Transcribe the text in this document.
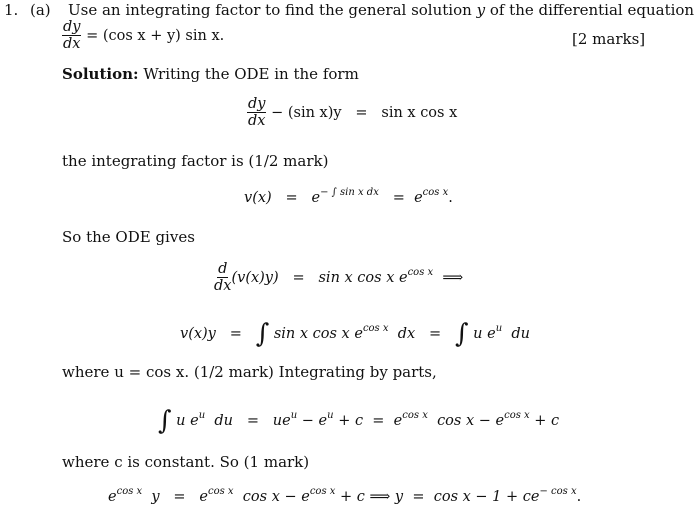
1. (a) Use an integrating factor to find the general solution y of the differential equation
$\frac{dy}{dx} = (\cos$ x + y) sin x.	[2 marks]
Solution: Writing the ODE in the form
$\frac{dy}{dx} - (\sin$ x)y = sin x cos x
the integrating factor is (1/2 mark)
$v(x) = e^{- \int sin x dx} = e^{cos x}$.
So the ODE gives
$\frac{d}{dx} (v(x)y) = \sin x$ cos x $e^{cos x}$ ⟹
v(x)y = ∫ sin x cos x $e^{cos x}$ dx = ∫ u $e^u$ du
where u = cos x. (1/2 mark) Integrating by parts,
∫ u $e^u$ du = $ue^u - e^u + c = e^{cos x}$ $\cos x - e^{cos x} + c$
where c is constant. So (1 mark)
$e^{cos x}$ $y = e^{cos x}$ $\cos x - e^{cos x} + c$ ⟹ $y = \cos x - 1 + ce^{- cos x}$.
